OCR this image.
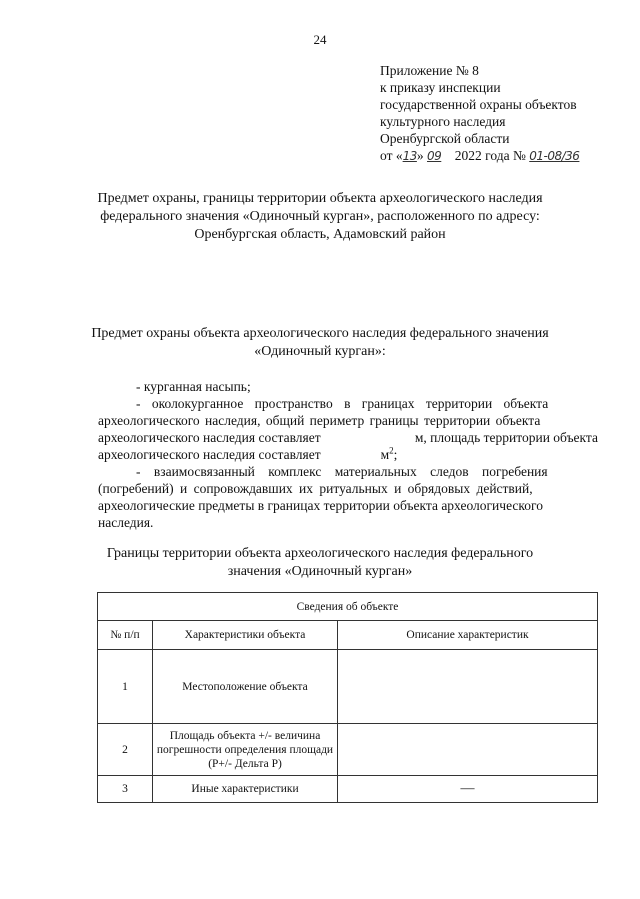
24
Приложение № 8
к приказу инспекции
государственной охраны объектов
культурного наследия
Оренбургской области
от «13» 09 2022 года № 01-08/36
Предмет охраны, границы территории объекта археологического наследия
федерального значения «Одиночный курган», расположенного по адресу:
Оренбургская область, Адамовский район
Предмет охраны объекта археологического наследия федерального значения
«Одиночный курган»:

- курганная насыпь;

- околокурганное пространство в границах территории объекта

археологического наследия, общий периметр границы территории объекта

археологического наследия составляет	м, площадь территории объекта
археологического наследия составляет	$м^2$;
- взаимосвязанный комплекс материальных следов погребения

(погребений) и сопровождавших их ритуальных и обрядовых действий,

археологические предметы в границах территории объекта археологического

наследия.

Границы территории объекта археологического наследия федерального
значения «Одиночный курган»
Сведения об объекте		
№ п/п	Характеристики объекта	Описание характеристик
1	Местоположение объекта	
2	Площадь объекта +/- величина погрешности определения площади (P+/- Дельта P)	
3	Иные характеристики	—
